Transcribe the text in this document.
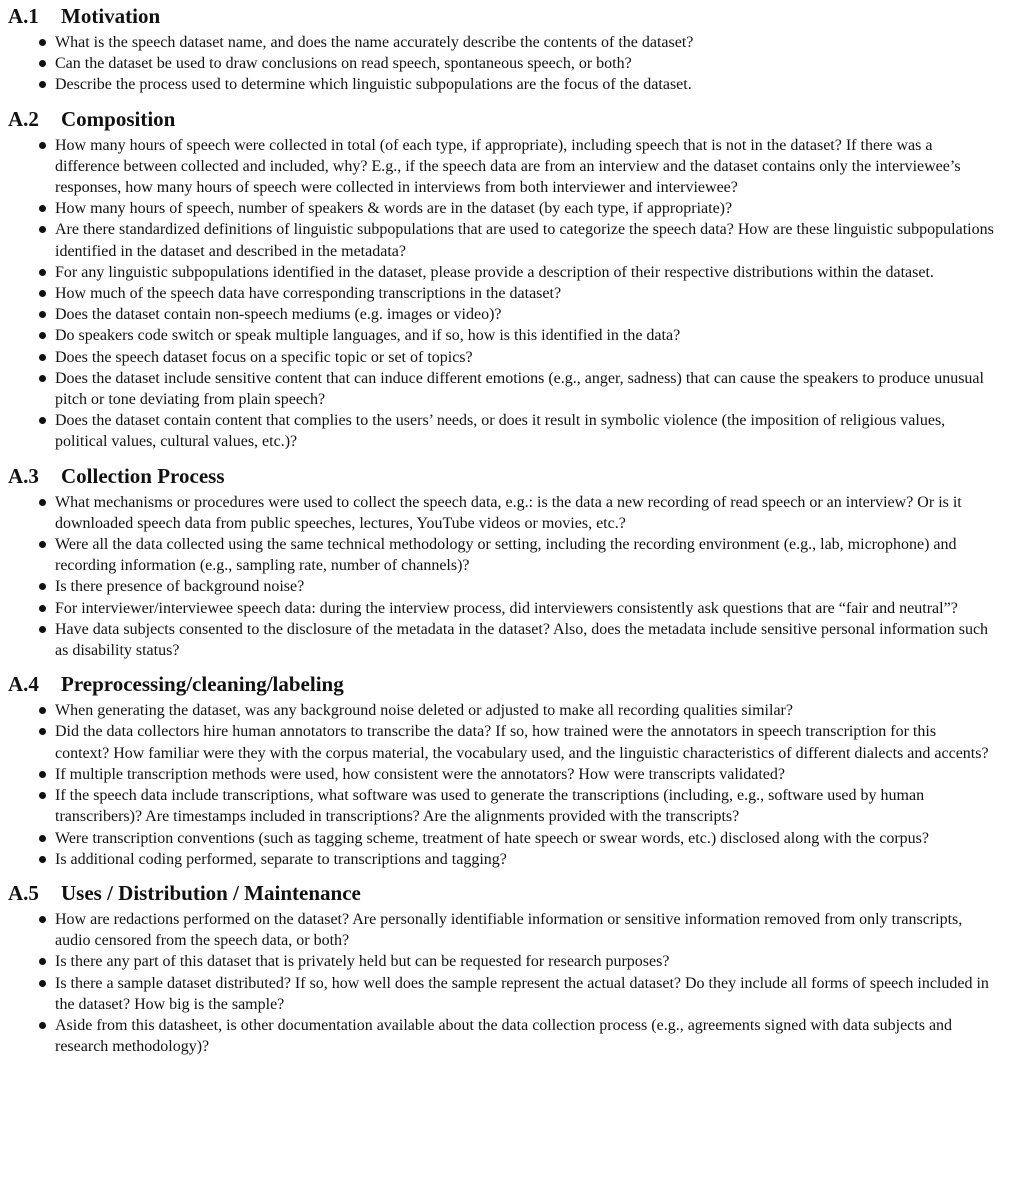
A.1	Motivation
What is the speech dataset name, and does the name accurately describe the contents of the dataset?
Can the dataset be used to draw conclusions on read speech, spontaneous speech, or both?
Describe the process used to determine which linguistic subpopulations are the focus of the dataset.
A.2	Composition
How many hours of speech were collected in total (of each type, if appropriate), including speech that is not in the dataset? If there was a difference between collected and included, why? E.g., if the speech data are from an interview and the dataset contains only the interviewee’s responses, how many hours of speech were collected in interviews from both interviewer and interviewee?
How many hours of speech, number of speakers & words are in the dataset (by each type, if appropriate)?
Are there standardized definitions of linguistic subpopulations that are used to categorize the speech data? How are these linguistic subpopulations identified in the dataset and described in the metadata?
For any linguistic subpopulations identified in the dataset, please provide a description of their respective distributions within the dataset.
How much of the speech data have corresponding transcriptions in the dataset?
Does the dataset contain non-speech mediums (e.g. images or video)?
Do speakers code switch or speak multiple languages, and if so, how is this identified in the data?
Does the speech dataset focus on a specific topic or set of topics?
Does the dataset include sensitive content that can induce different emotions (e.g., anger, sadness) that can cause the speakers to produce unusual pitch or tone deviating from plain speech?
Does the dataset contain content that complies to the users’ needs, or does it result in symbolic violence (the imposition of religious values, political values, cultural values, etc.)?
A.3	Collection Process
What mechanisms or procedures were used to collect the speech data, e.g.: is the data a new recording of read speech or an interview? Or is it downloaded speech data from public speeches, lectures, YouTube videos or movies, etc.?
Were all the data collected using the same technical methodology or setting, including the recording environment (e.g., lab, microphone) and recording information (e.g., sampling rate, number of channels)?
Is there presence of background noise?
For interviewer/interviewee speech data: during the interview process, did interviewers consistently ask questions that are “fair and neutral”?
Have data subjects consented to the disclosure of the metadata in the dataset? Also, does the metadata include sensitive personal information such as disability status?
A.4	Preprocessing/cleaning/labeling
When generating the dataset, was any background noise deleted or adjusted to make all recording qualities similar?
Did the data collectors hire human annotators to transcribe the data? If so, how trained were the annotators in speech transcription for this context? How familiar were they with the corpus material, the vocabulary used, and the linguistic characteristics of different dialects and accents?
If multiple transcription methods were used, how consistent were the annotators? How were transcripts validated?
If the speech data include transcriptions, what software was used to generate the transcriptions (including, e.g., software used by human transcribers)? Are timestamps included in transcriptions? Are the alignments provided with the transcripts?
Were transcription conventions (such as tagging scheme, treatment of hate speech or swear words, etc.) disclosed along with the corpus?
Is additional coding performed, separate to transcriptions and tagging?
A.5	Uses / Distribution / Maintenance
How are redactions performed on the dataset? Are personally identifiable information or sensitive information removed from only transcripts, audio censored from the speech data, or both?
Is there any part of this dataset that is privately held but can be requested for research purposes?
Is there a sample dataset distributed? If so, how well does the sample represent the actual dataset? Do they include all forms of speech included in the dataset? How big is the sample?
Aside from this datasheet, is other documentation available about the data collection process (e.g., agreements signed with data subjects and research methodology)?
